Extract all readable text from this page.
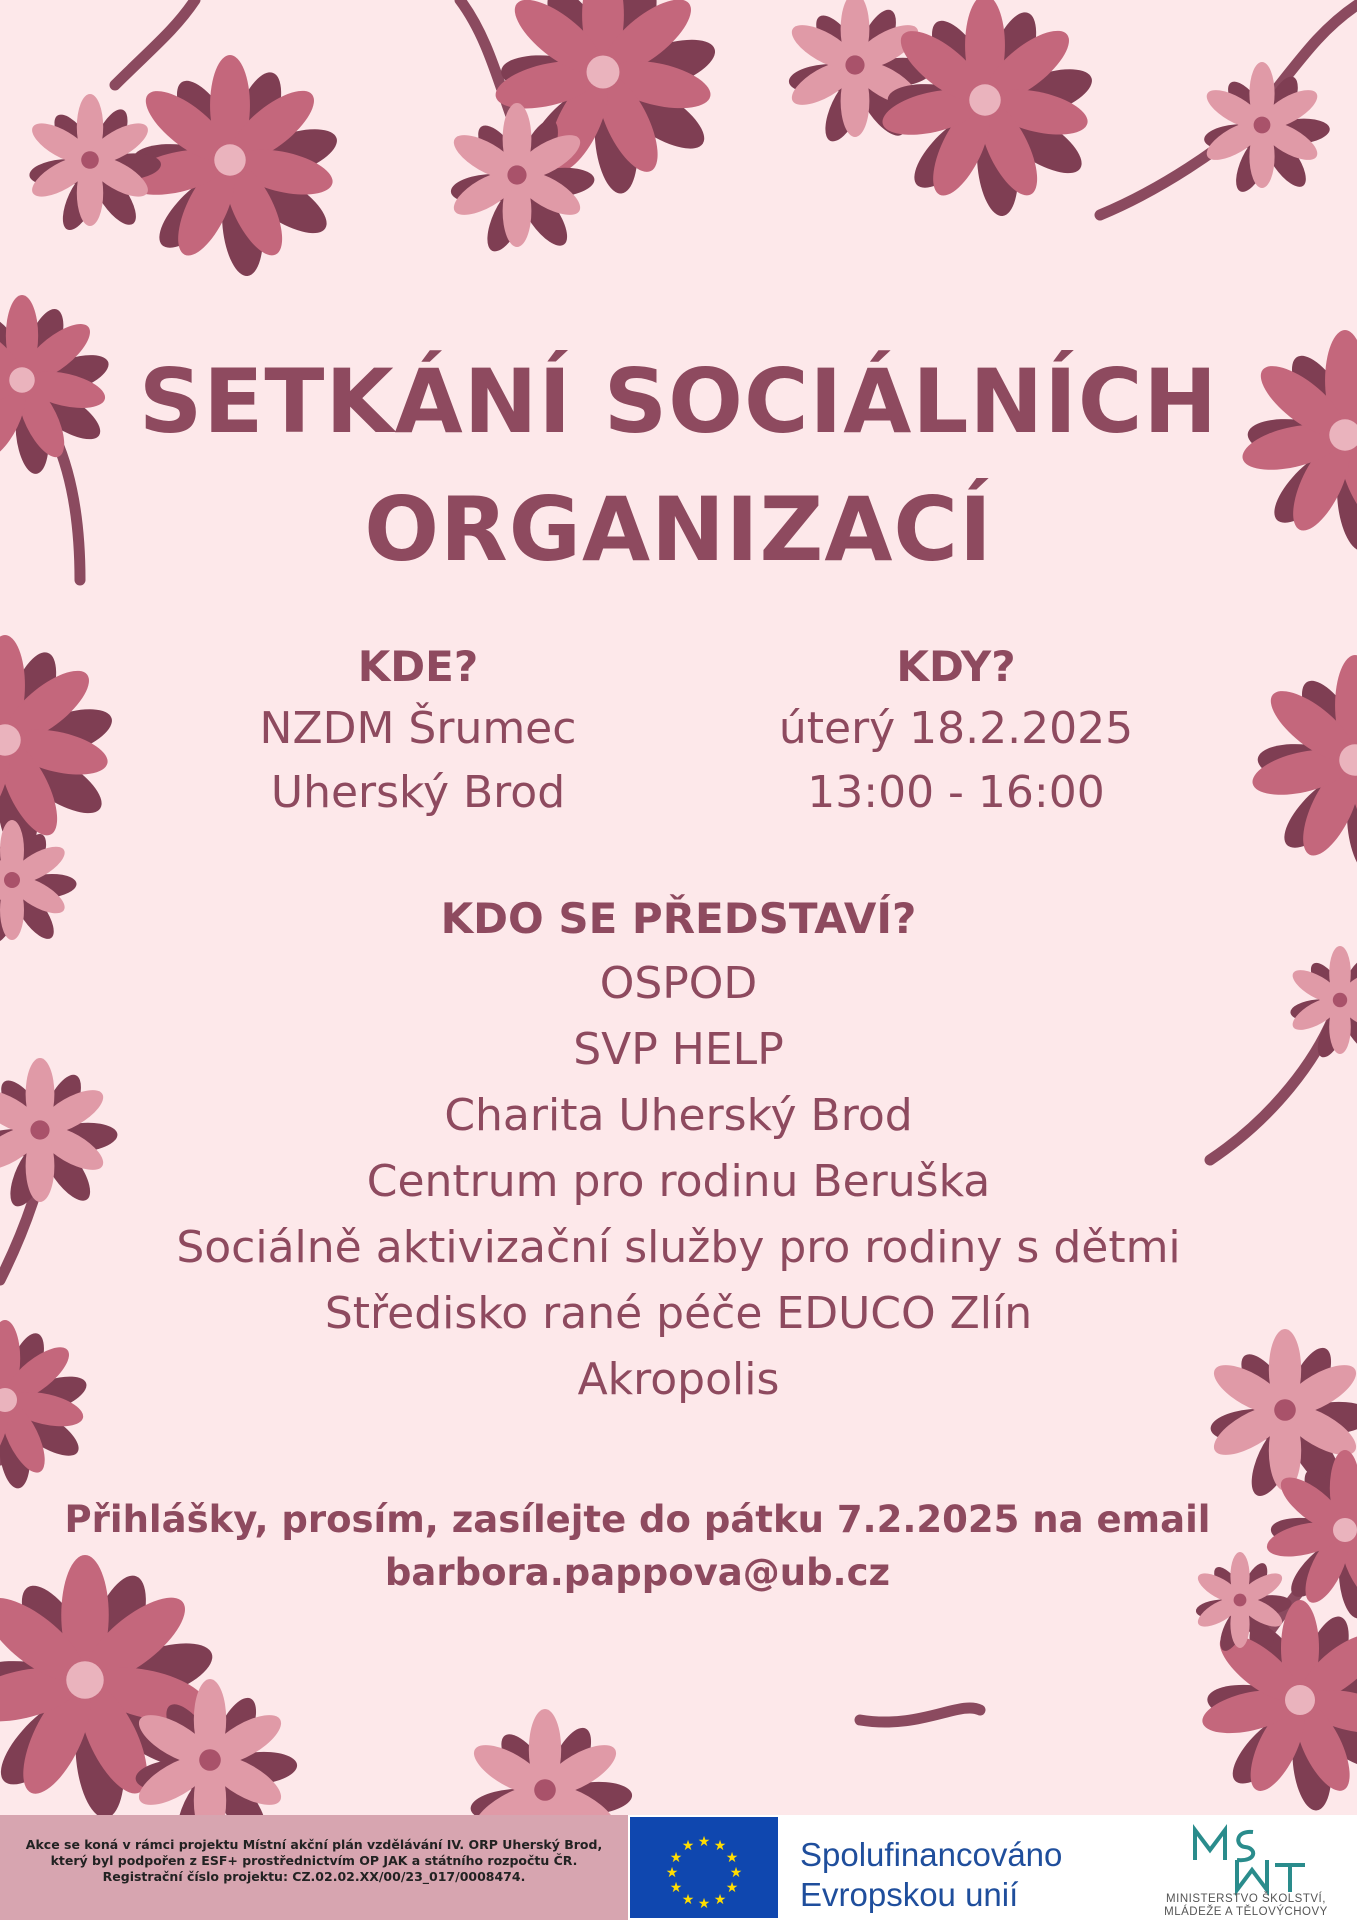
SETKÁNÍ SOCIÁLNÍCH
ORGANIZACÍ
KDE?
NZDM Šrumec
Uherský Brod
KDY?
úterý 18.2.2025
13:00 - 16:00
KDO SE PŘEDSTAVÍ?
OSPOD
SVP HELP
Charita Uherský Brod
Centrum pro rodinu Beruška
Sociálně aktivizační služby pro rodiny s dětmi
Středisko rané péče EDUCO Zlín
Akropolis
Přihlášky, prosím, zasílejte do pátku 7.2.2025 na email
barbora.pappova@ub.cz
Akce se koná v rámci projektu Místní akční plán vzdělávání IV. ORP Uherský Brod,
který byl podpořen z ESF+ prostřednictvím OP JAK a státního rozpočtu ČR.
Registrační číslo projektu: CZ.02.02.XX/00/23_017/0008474.
★ ★
★
★
★
★
★
★
★
★
★
★	Spolufinancováno
Evropskou unií	MINISTERSTVO ŠKOLSTVÍ,
MLÁDEŽE A TĚLOVÝCHOVY
